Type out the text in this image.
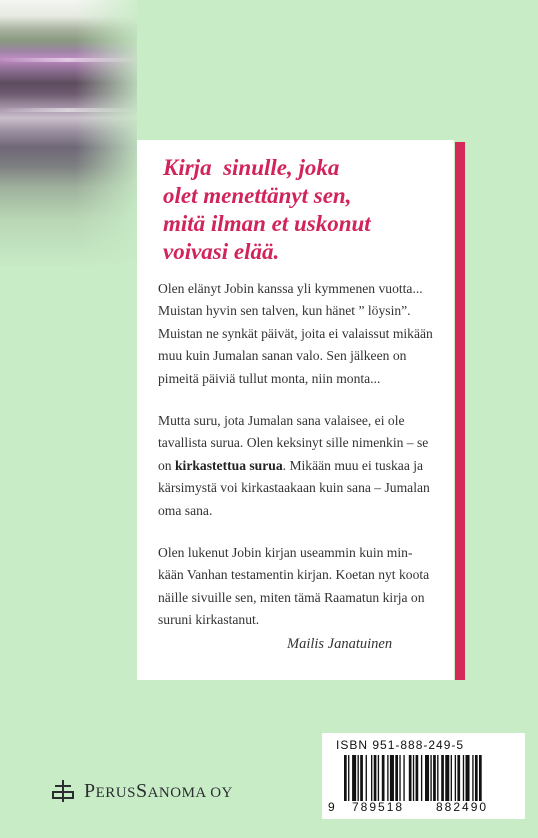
Kirja  sinulle, joka
olet menettänyt sen,
mitä ilman et uskonut
voivasi elää.

Olen elänyt Jobin kanssa yli kymmenen vuotta...
Muistan hyvin sen talven, kun hänet ” löysin”.
Muistan ne synkät päivät, joita ei valaissut mikään
muu kuin Jumalan sanan valo. Sen jälkeen on
pimeitä päiviä tullut monta, niin monta...

Mutta suru, jota Jumalan sana valaisee, ei ole
tavallista surua. Olen keksinyt sille nimenkin – se
on kirkastettua surua. Mikään muu ei tuskaa ja
kärsimystä voi kirkastaakaan kuin sana – Jumalan
oma sana.

Olen lukenut Jobin kirjan useammin kuin min-
kään Vanhan testamentin kirjan. Koetan nyt koota
näille sivuille sen, miten tämä Raamatun kirja on
suruni kirkastanut.

Mailis Janatuinen
PERUSSANOMA OY
ISBN 951-888-249-5
9 789518	882490
